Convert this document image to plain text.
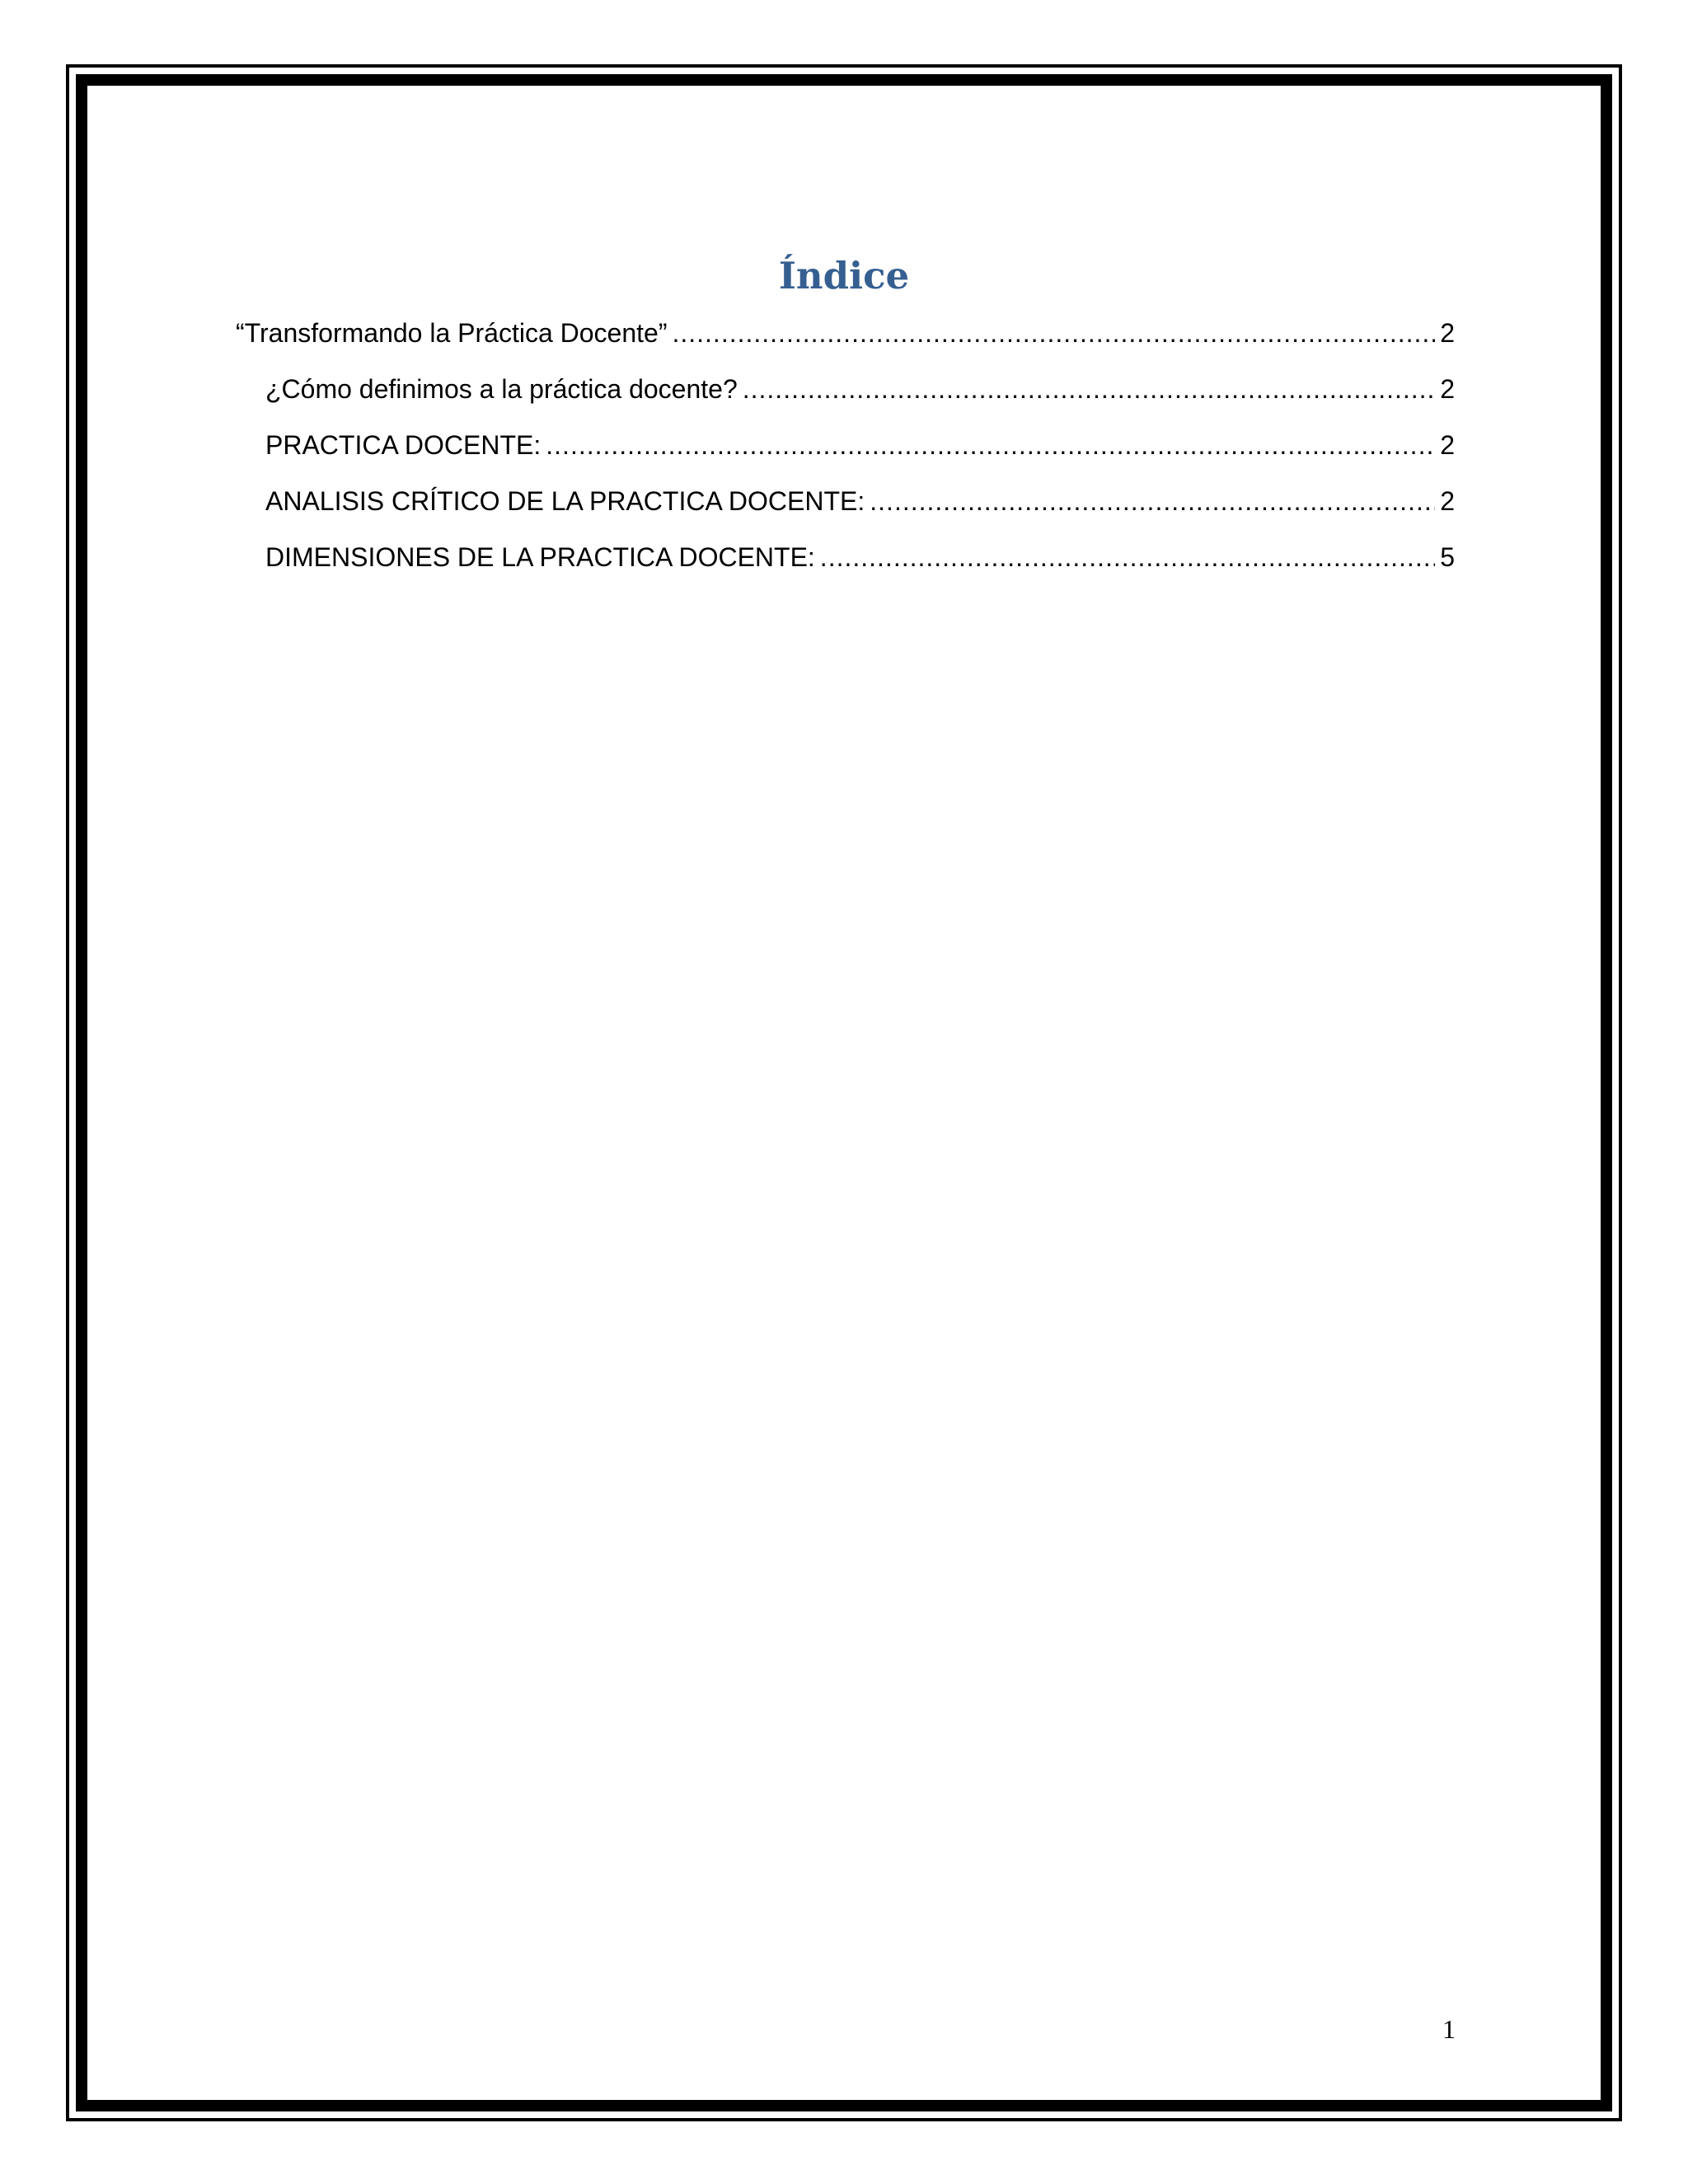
Índice
“Transformando la Práctica Docente” .....	2
¿Cómo definimos a la práctica docente? .....	2
PRACTICA DOCENTE: .....	2
ANALISIS CRÍTICO DE LA PRACTICA DOCENTE: .....	2
DIMENSIONES DE LA PRACTICA DOCENTE: .....	5
1
